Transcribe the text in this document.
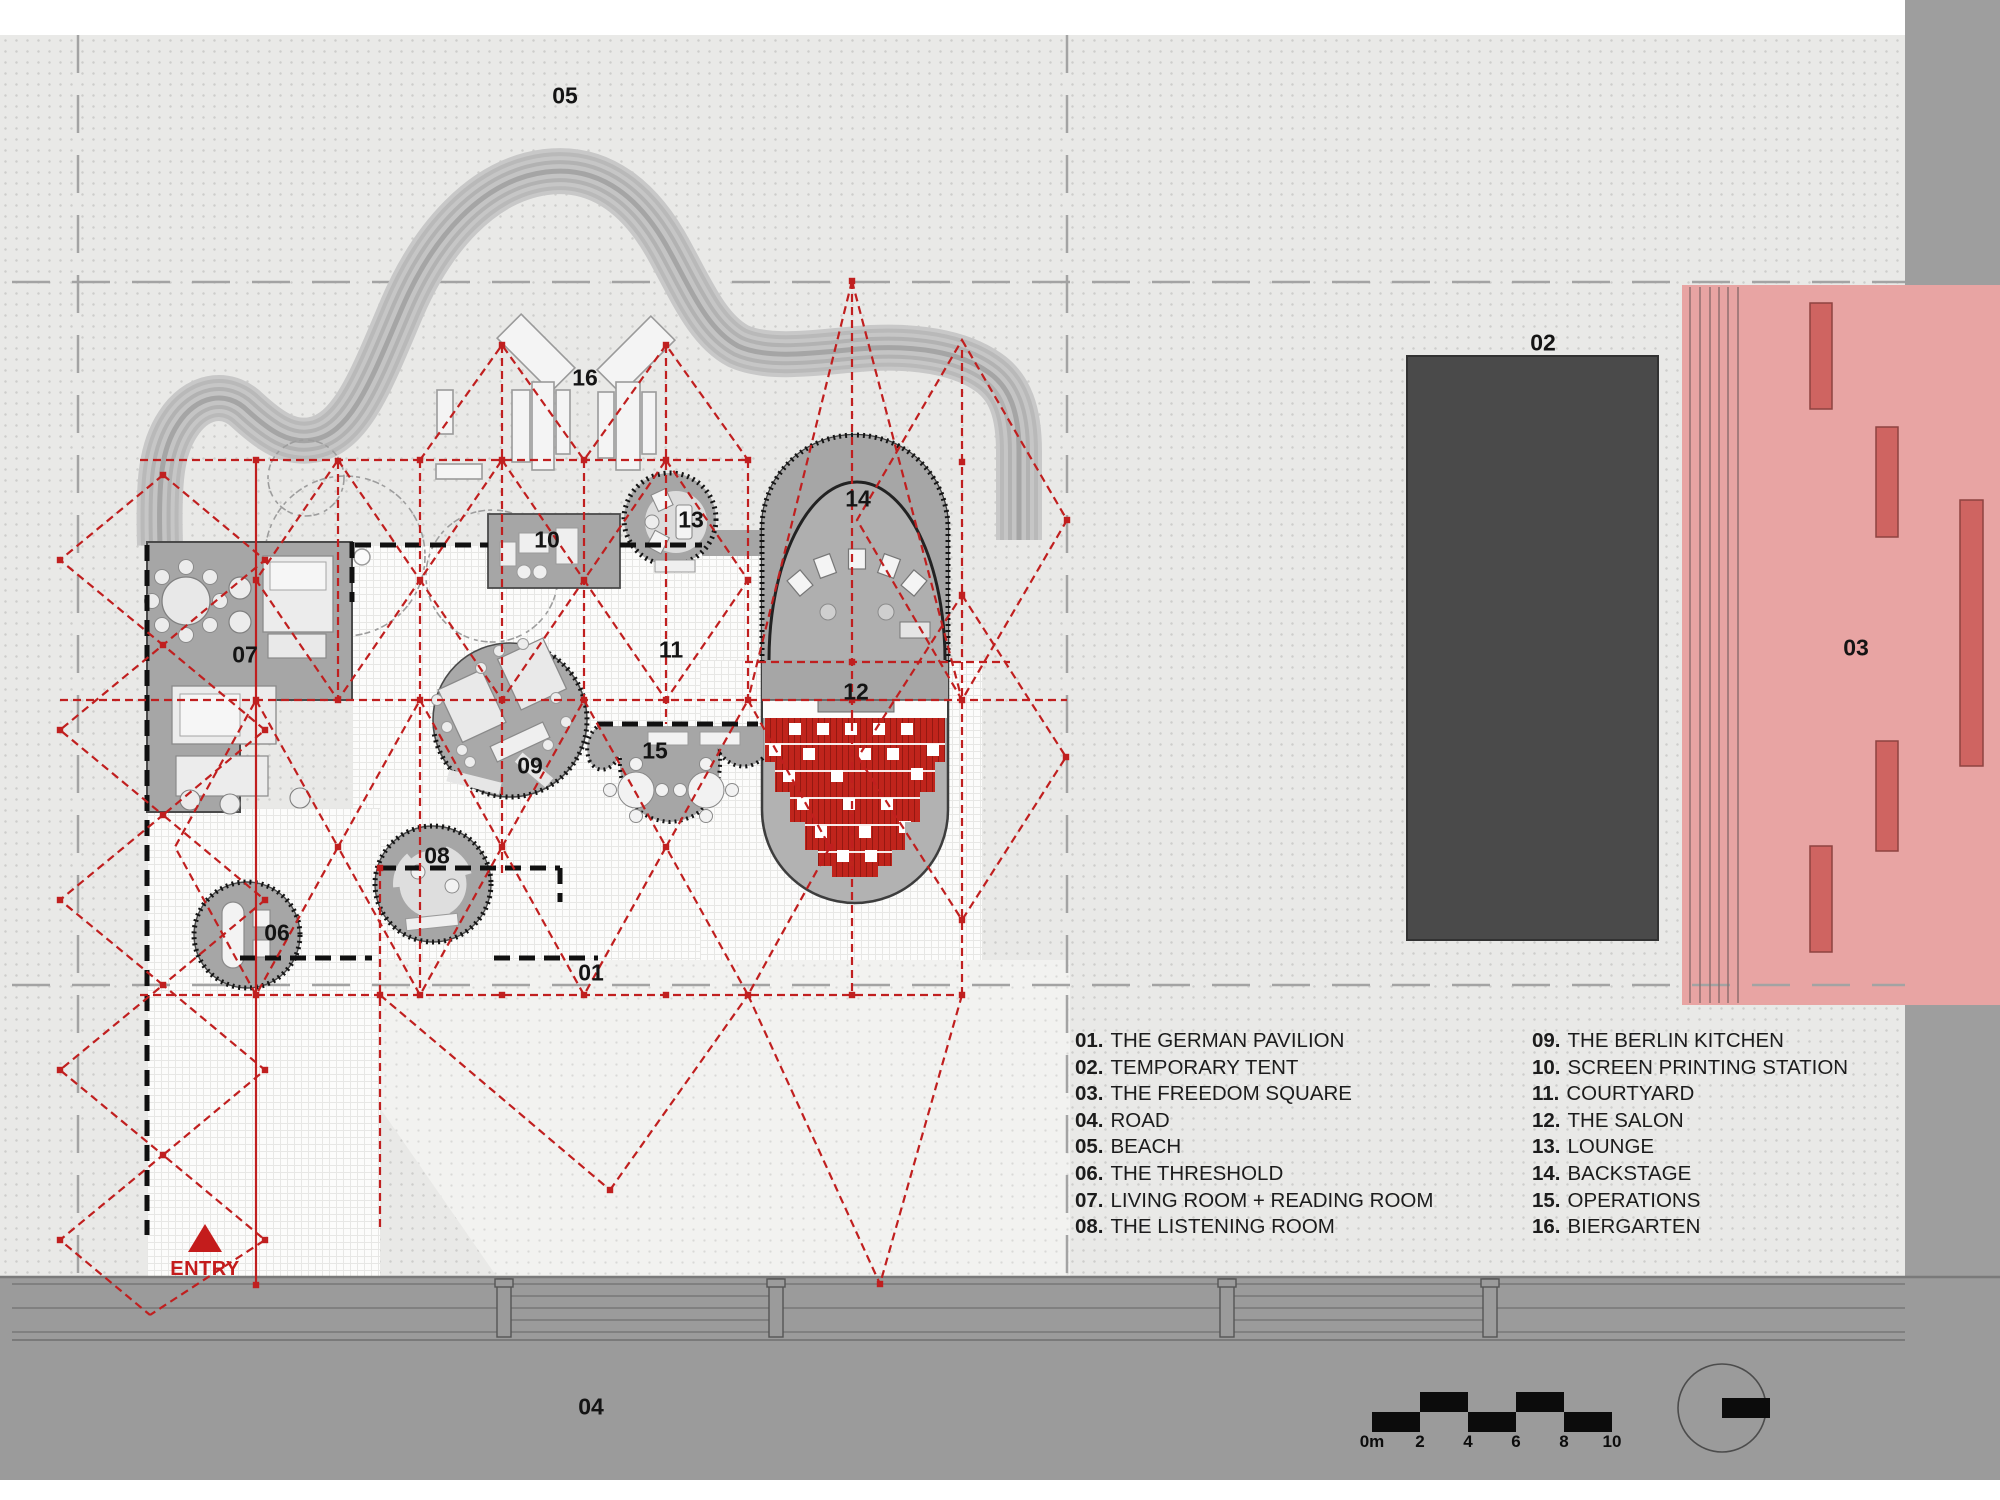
ENTRY
01. THE GERMAN PAVILION
02. TEMPORARY TENT
03. THE FREEDOM SQUARE
04. ROAD
05. BEACH
06. THE THRESHOLD
07. LIVING ROOM + READING ROOM
08. THE LISTENING ROOM
09. THE BERLIN KITCHEN
10. SCREEN PRINTING STATION
11. COURTYARD
12. THE SALON
13. LOUNGE
14. BACKSTAGE
15. OPERATIONS
16. BIERGARTEN
01
02
03
04
05
06
07
08
09
10
11
12
13
14
15
16
0m 2 4 6 8 10
